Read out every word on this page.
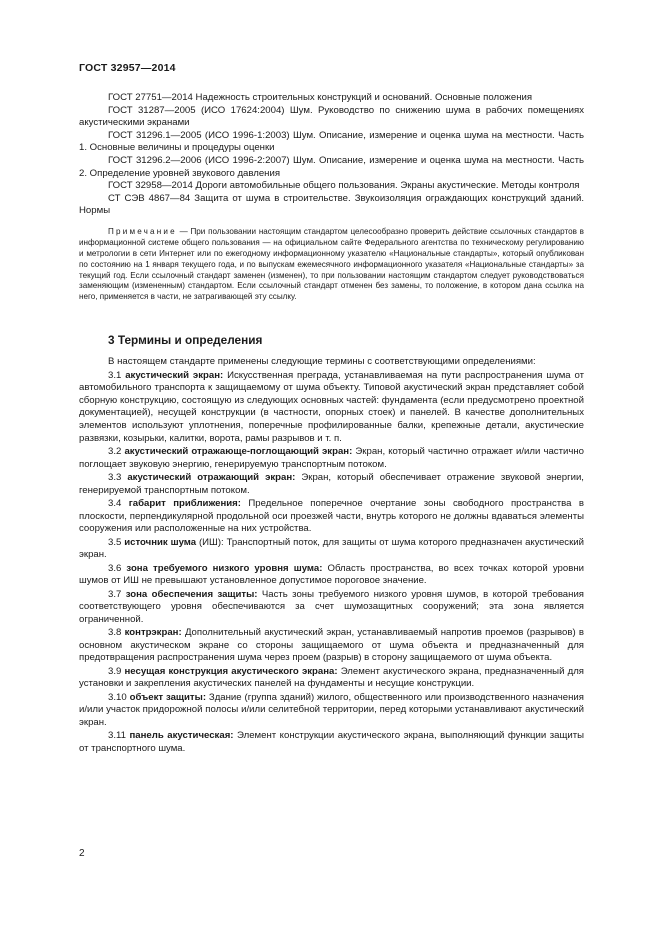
ГОСТ 32957—2014

ГОСТ 27751—2014 Надежность строительных конструкций и оснований. Основные положения

ГОСТ 31287—2005 (ИСО 17624:2004) Шум. Руководство по снижению шума в рабочих помещениях акустическими экранами

ГОСТ 31296.1—2005 (ИСО 1996-1:2003) Шум. Описание, измерение и оценка шума на местности. Часть 1. Основные величины и процедуры оценки

ГОСТ 31296.2—2006 (ИСО 1996-2:2007) Шум. Описание, измерение и оценка шума на местности. Часть 2. Определение уровней звукового давления

ГОСТ 32958—2014 Дороги автомобильные общего пользования. Экраны акустические. Методы контроля

СТ СЭВ 4867—84 Защита от шума в строительстве. Звукоизоляция ограждающих конструкций зданий. Нормы

Примечание — При пользовании настоящим стандартом целесообразно проверить действие ссылочных стандартов в информационной системе общего пользования — на официальном сайте Федерального агентства по техническому регулированию и метрологии в сети Интернет или по ежегодному информационному указателю «Национальные стандарты», который опубликован по состоянию на 1 января текущего года, и по выпускам ежемесячного информационного указателя «Национальные стандарты» за текущий год. Если ссылочный стандарт заменен (изменен), то при пользовании настоящим стандартом следует руководствоваться заменяющим (измененным) стандартом. Если ссылочный стандарт отменен без замены, то положение, в котором дана ссылка на него, применяется в части, не затрагивающей эту ссылку.

3 Термины и определения

В настоящем стандарте применены следующие термины с соответствующими определениями:

3.1 акустический экран: Искусственная преграда, устанавливаемая на пути распространения шума от автомобильного транспорта к защищаемому от шума объекту. Типовой акустический экран представляет собой сборную конструкцию, состоящую из следующих основных частей: фундамента (если предусмотрено проектной документацией), несущей конструкции (в частности, опорных стоек) и панелей. В качестве дополнительных элементов используют уплотнения, поперечные профилированные балки, крепежные детали, акустические развязки, козырьки, калитки, ворота, рамы разрывов и т. п.

3.2 акустический отражающе-поглощающий экран: Экран, который частично отражает и/или частично поглощает звуковую энергию, генерируемую транспортным потоком.

3.3 акустический отражающий экран: Экран, который обеспечивает отражение звуковой энергии, генерируемой транспортным потоком.

3.4 габарит приближения: Предельное поперечное очертание зоны свободного пространства в плоскости, перпендикулярной продольной оси проезжей части, внутрь которого не должны вдаваться элементы сооружения или расположенные на них устройства.

3.5 источник шума (ИШ): Транспортный поток, для защиты от шума которого предназначен акустический экран.

3.6 зона требуемого низкого уровня шума: Область пространства, во всех точках которой уровни шумов от ИШ не превышают установленное допустимое пороговое значение.

3.7 зона обеспечения защиты: Часть зоны требуемого низкого уровня шумов, в которой требования соответствующего уровня обеспечиваются за счет шумозащитных сооружений; эта зона является ограниченной.

3.8 контрэкран: Дополнительный акустический экран, устанавливаемый напротив проемов (разрывов) в основном акустическом экране со стороны защищаемого от шума объекта и предназначенный для предотвращения распространения шума через проем (разрыв) в сторону защищаемого от шума объекта.

3.9 несущая конструкция акустического экрана: Элемент акустического экрана, предназначенный для установки и закрепления акустических панелей на фундаменты и несущие конструкции.

3.10 объект защиты: Здание (группа зданий) жилого, общественного или производственного назначения и/или участок придорожной полосы и/или селитебной территории, перед которыми устанавливают акустический экран.

3.11 панель акустическая: Элемент конструкции акустического экрана, выполняющий функции защиты от транспортного шума.

2
